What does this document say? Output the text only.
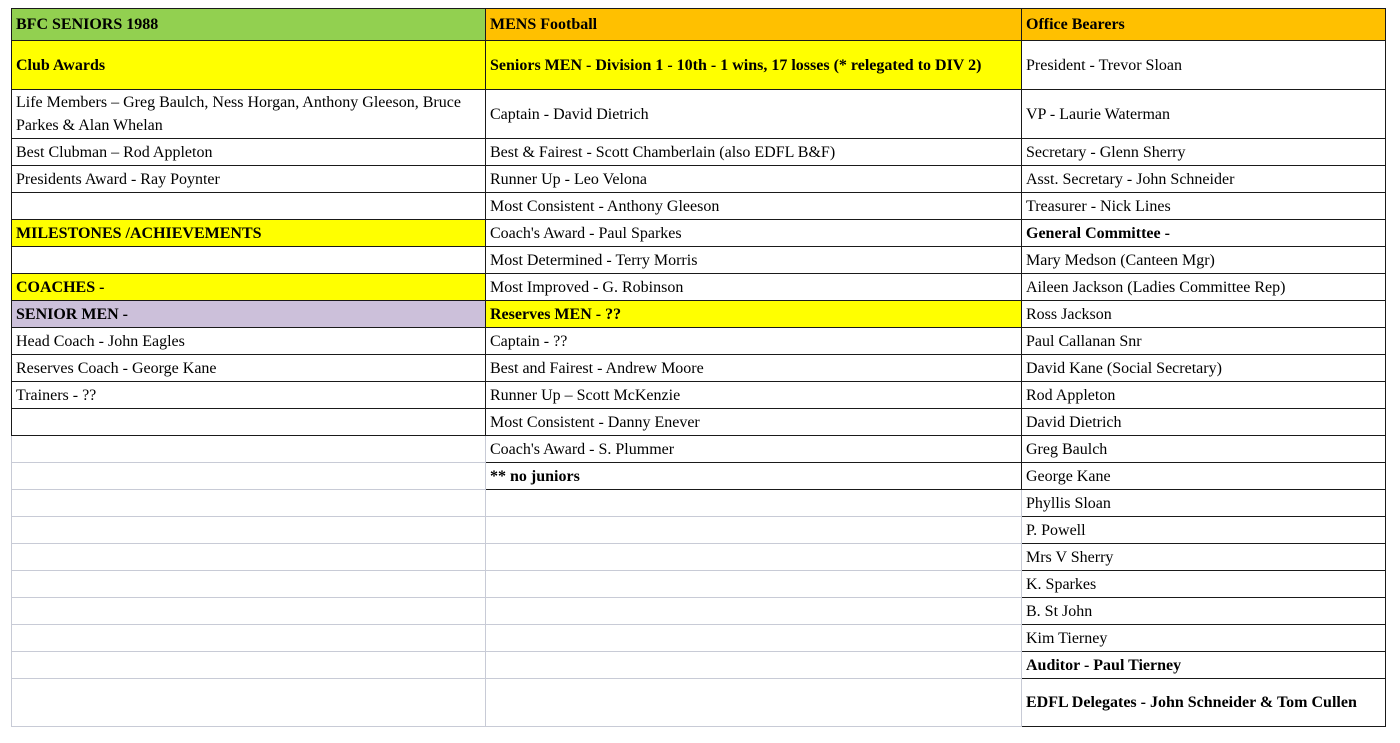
BFC SENIORS 1988	MENS Football	Office Bearers
Club Awards	Seniors MEN - Division 1 - 10th - 1 wins, 17 losses (* relegated to DIV 2)	President - Trevor Sloan
Life Members – Greg Baulch, Ness Horgan, Anthony Gleeson, Bruce Parkes & Alan Whelan	Captain - David Dietrich	VP - Laurie Waterman
Best Clubman – Rod Appleton	Best & Fairest - Scott Chamberlain (also EDFL B&F)	Secretary - Glenn Sherry
Presidents Award - Ray Poynter	Runner Up - Leo Velona	Asst. Secretary - John Schneider
	Most Consistent - Anthony Gleeson	Treasurer - Nick Lines
MILESTONES /ACHIEVEMENTS	Coach's Award - Paul Sparkes	General Committee -
	Most Determined - Terry Morris	Mary Medson (Canteen Mgr)
COACHES -	Most Improved - G. Robinson	Aileen Jackson (Ladies Committee Rep)
SENIOR MEN -	Reserves MEN - ??	Ross Jackson
Head Coach - John Eagles	Captain - ??	Paul Callanan Snr
Reserves Coach - George Kane	Best and Fairest - Andrew Moore	David Kane (Social Secretary)
Trainers - ??	Runner Up – Scott McKenzie	Rod Appleton
	Most Consistent - Danny Enever	David Dietrich
	Coach's Award - S. Plummer	Greg Baulch
	** no juniors	George Kane
		Phyllis Sloan
		P. Powell
		Mrs V Sherry
		K. Sparkes
		B. St John
		Kim Tierney
		Auditor - Paul Tierney
		EDFL Delegates - John Schneider & Tom Cullen
